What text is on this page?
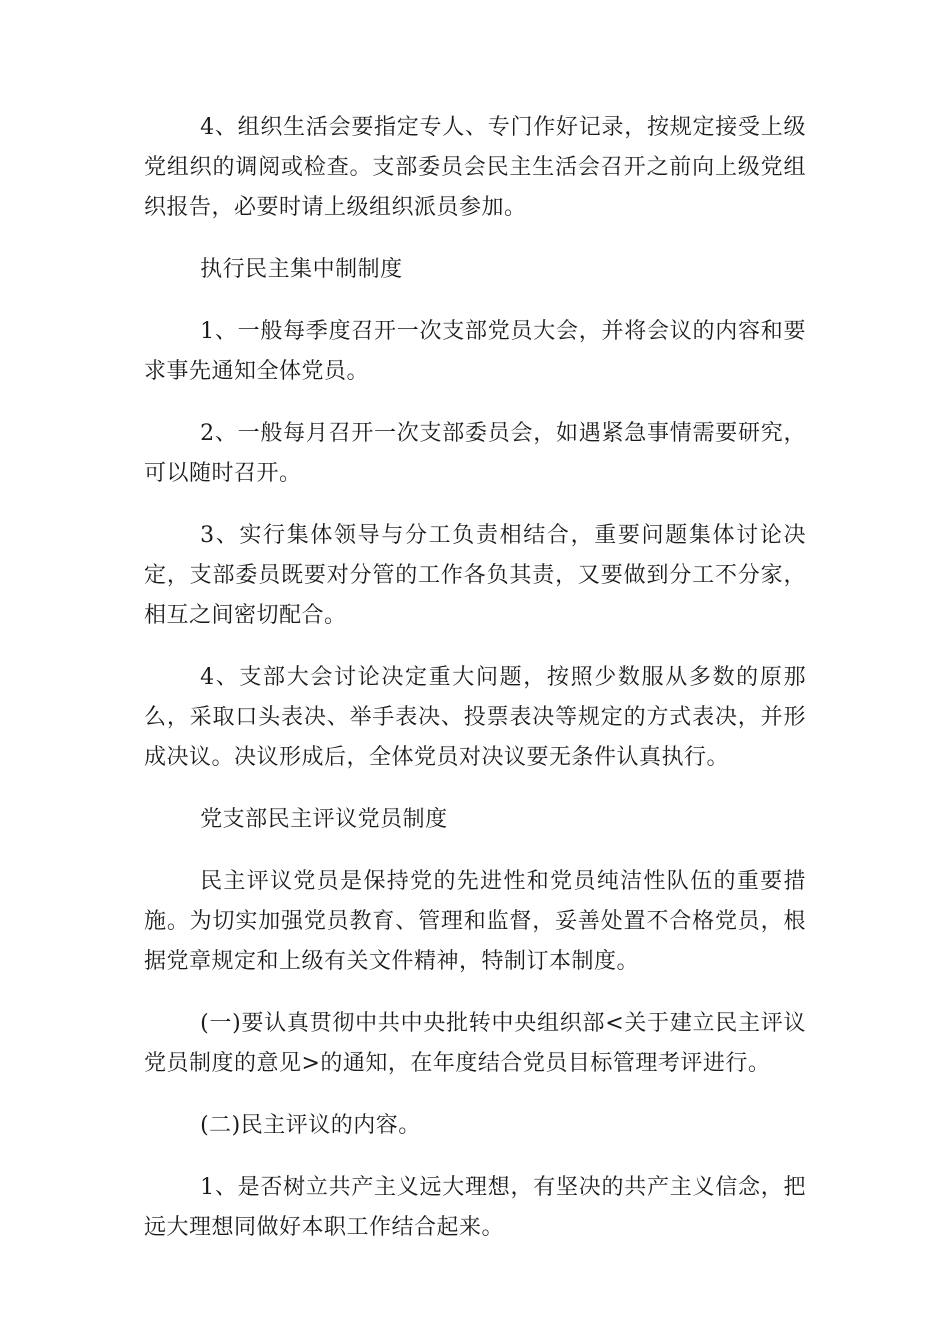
4、组织生活会要指定专人、专门作好记录，按规定接受上级党组织的调阅或检查。支部委员会民主生活会召开之前向上级党组织报告，必要时请上级组织派员参加。

执行民主集中制制度

1、一般每季度召开一次支部党员大会，并将会议的内容和要求事先通知全体党员。

2、一般每月召开一次支部委员会，如遇紧急事情需要研究，可以随时召开。

3、实行集体领导与分工负责相结合，重要问题集体讨论决定，支部委员既要对分管的工作各负其责，又要做到分工不分家，相互之间密切配合。

4、支部大会讨论决定重大问题，按照少数服从多数的原那么，采取口头表决、举手表决、投票表决等规定的方式表决，并形成决议。决议形成后，全体党员对决议要无条件认真执行。

党支部民主评议党员制度

民主评议党员是保持党的先进性和党员纯洁性队伍的重要措施。为切实加强党员教育、管理和监督，妥善处置不合格党员，根据党章规定和上级有关文件精神，特制订本制度。

(一)要认真贯彻中共中央批转中央组织部<关于建立民主评议党员制度的意见>的通知，在年度结合党员目标管理考评进行。

(二)民主评议的内容。

1、是否树立共产主义远大理想，有坚决的共产主义信念，把远大理想同做好本职工作结合起来。
